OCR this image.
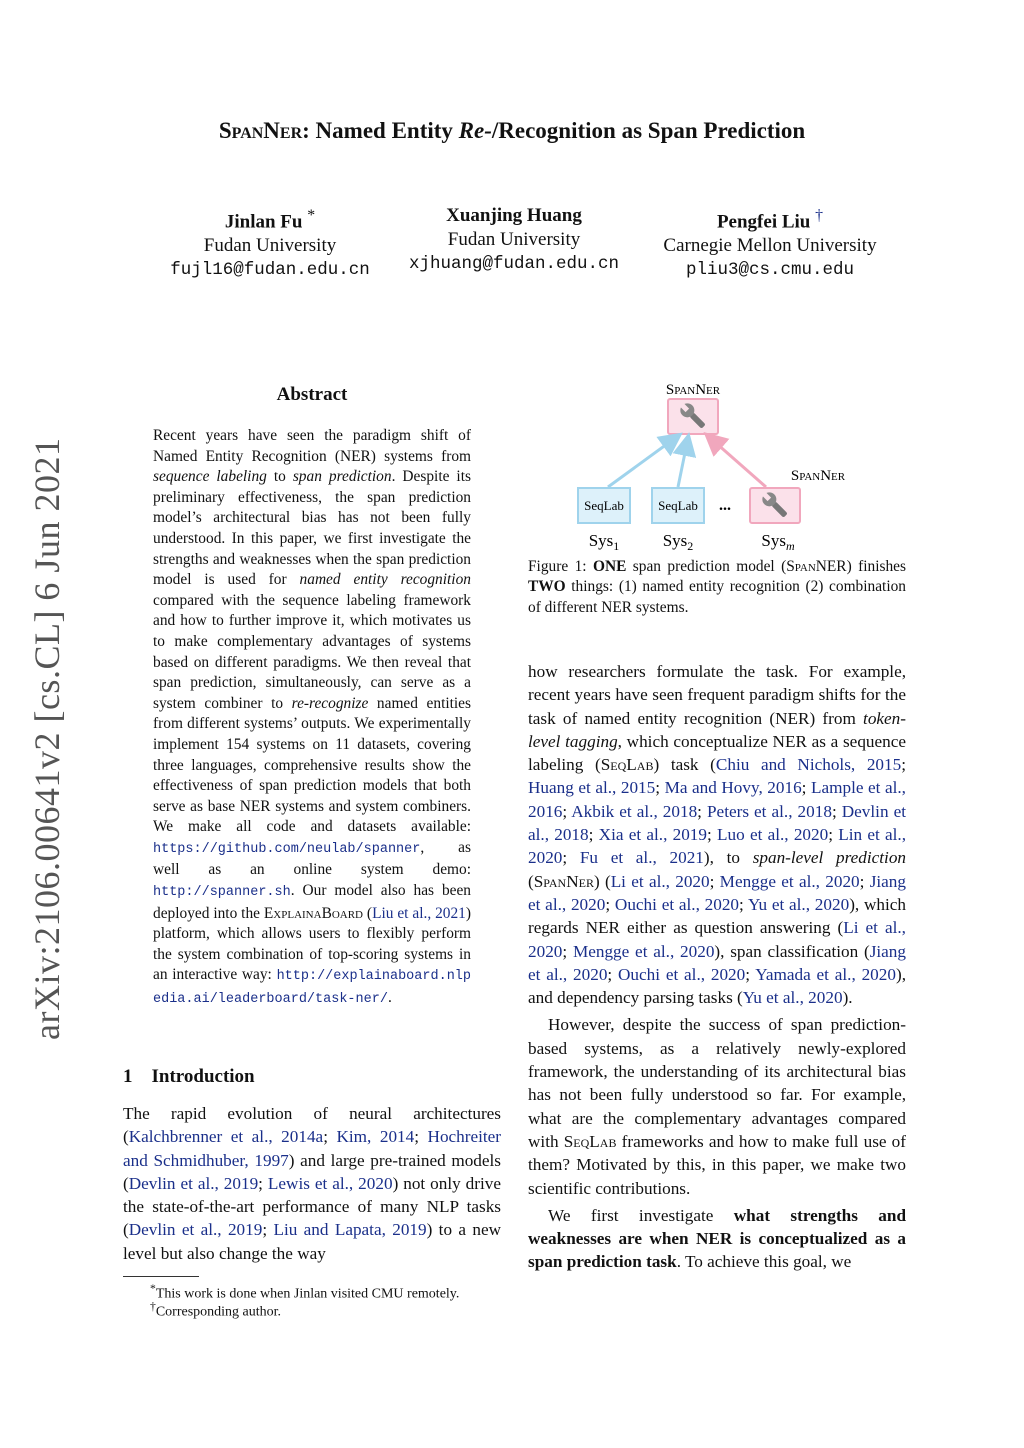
SpanNer: Named Entity Re-/Recognition as Span Prediction
Jinlan Fu *
Fudan University
fujl16@fudan.edu.cn
Xuanjing Huang
Fudan University
xjhuang@fudan.edu.cn
Pengfei Liu †
Carnegie Mellon University
pliu3@cs.cmu.edu
arXiv:2106.00641v2 [cs.CL] 6 Jun 2021
Abstract
Recent years have seen the paradigm shift of Named Entity Recognition (NER) systems from sequence labeling to span prediction. Despite its preliminary effectiveness, the span prediction model’s architectural bias has not been fully understood. In this paper, we first investigate the strengths and weaknesses when the span prediction model is used for named entity recognition compared with the sequence labeling framework and how to further improve it, which motivates us to make complementary advantages of systems based on different paradigms. We then reveal that span prediction, simultaneously, can serve as a system combiner to re-recognize named entities from different systems’ outputs. We experimentally implement 154 systems on 11 datasets, covering three languages, comprehensive results show the effectiveness of span prediction models that both serve as base NER systems and system combiners. We make all code and datasets available: https://github.com/neulab/spanner, as well as an online system demo: http://spanner.sh. Our model also has been deployed into the ExplainaBoard (Liu et al., 2021) platform, which allows users to flexibly perform the system combination of top-scoring systems in an interactive way: http://explainaboard.nlpedia.ai/leaderboard/task-ner/.
1 Introduction
The rapid evolution of neural architectures (Kalchbrenner et al., 2014a; Kim, 2014; Hochreiter and Schmidhuber, 1997) and large pre-trained models (Devlin et al., 2019; Lewis et al., 2020) not only drive the state-of-the-art performance of many NLP tasks (Devlin et al., 2019; Liu and Lapata, 2019) to a new level but also change the way
*This work is done when Jinlan visited CMU remotely.
†Corresponding author.
SpanNer
SpanNer
SeqLab	SeqLab ...
Sys$_1$	Sys$_2$	Sys$_m$
Figure 1: ONE span prediction model (SpanNER) finishes TWO things: (1) named entity recognition (2) combination of different NER systems.

how researchers formulate the task. For example, recent years have seen frequent paradigm shifts for the task of named entity recognition (NER) from token-level tagging, which conceptualize NER as a sequence labeling (SeqLab) task (Chiu and Nichols, 2015; Huang et al., 2015; Ma and Hovy, 2016; Lample et al., 2016; Akbik et al., 2018; Peters et al., 2018; Devlin et al., 2018; Xia et al., 2019; Luo et al., 2020; Lin et al., 2020; Fu et al., 2021), to span-level prediction (SpanNer) (Li et al., 2020; Mengge et al., 2020; Jiang et al., 2020; Ouchi et al., 2020; Yu et al., 2020), which regards NER either as question answering (Li et al., 2020; Mengge et al., 2020), span classification (Jiang et al., 2020; Ouchi et al., 2020; Yamada et al., 2020), and dependency parsing tasks (Yu et al., 2020).

However, despite the success of span prediction-based systems, as a relatively newly-explored framework, the understanding of its architectural bias has not been fully understood so far. For example, what are the complementary advantages compared with SeqLab frameworks and how to make full use of them? Motivated by this, in this paper, we make two scientific contributions.

We first investigate what strengths and weaknesses are when NER is conceptualized as a span prediction task. To achieve this goal, we
